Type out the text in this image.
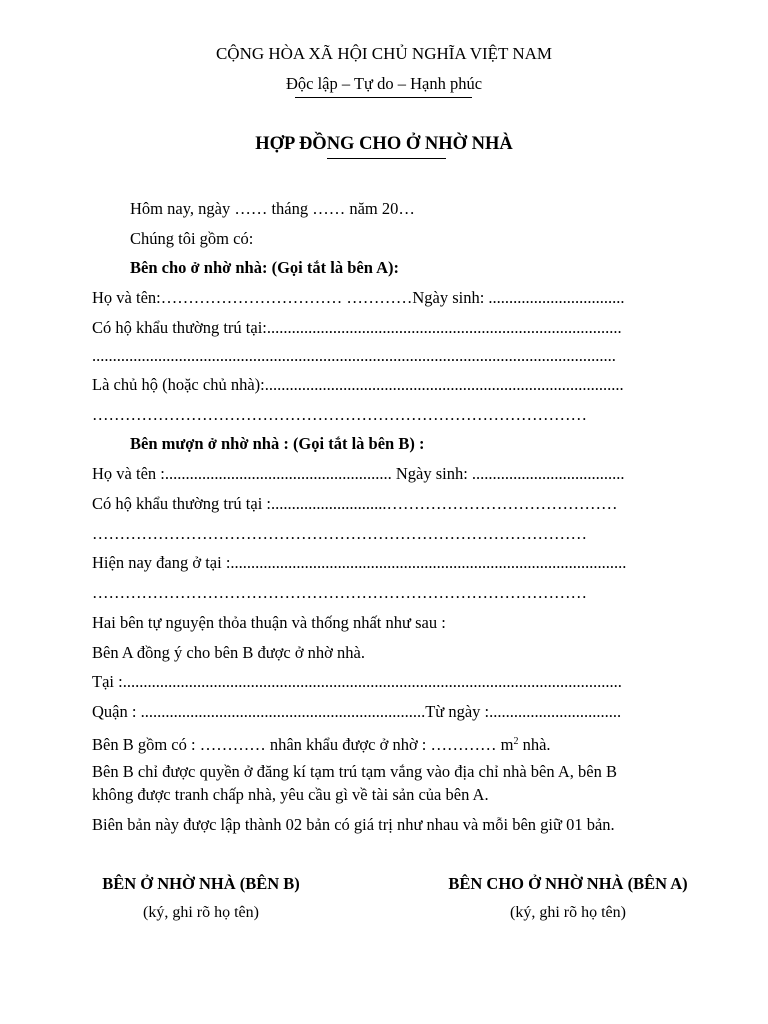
CỘNG HÒA XÃ HỘI CHỦ NGHĨA VIỆT NAM
Độc lập – Tự do – Hạnh phúc
HỢP ĐỒNG CHO Ở NHỜ NHÀ
Hôm nay, ngày …… tháng …… năm 20…
Chúng tôi gồm có:
Bên cho ở nhờ nhà: (Gọi tắt là bên A):
Họ và tên:…………………………… …………Ngày sinh: .................................
Có hộ khẩu thường trú tại:......................................................................................
...............................................................................................................................
Là chủ hộ (hoặc chủ nhà):.......................................................................................
………………………………………………………………………………
Bên mượn ở nhờ nhà : (Gọi tắt là bên B) :
Họ và tên :....................................................... Ngày sinh: .....................................
Có hộ khẩu thường trú tại :............................……………………………………
………………………………………………………………………………
Hiện nay đang ở tại :................................................................................................
………………………………………………………………………………
Hai bên tự nguyện thỏa thuận và thống nhất như sau :
Bên A đồng ý cho bên B được ở nhờ nhà.
Tại :.........................................................................................................................
Quận : .....................................................................Từ ngày :................................
Bên B gồm có : ………… nhân khẩu được ở nhờ : ………… $m^2$ nhà.
Bên B chỉ được quyền ở đăng kí tạm trú tạm vắng vào địa chỉ nhà bên A, bên B
không được tranh chấp nhà, yêu cầu gì về tài sản của bên A.
Biên bản này được lập thành 02 bản có giá trị như nhau và mỗi bên giữ 01 bản.
BÊN Ở NHỜ NHÀ (BÊN B)
(ký, ghi rõ họ tên)
BÊN CHO Ở NHỜ NHÀ (BÊN A)
(ký, ghi rõ họ tên)
